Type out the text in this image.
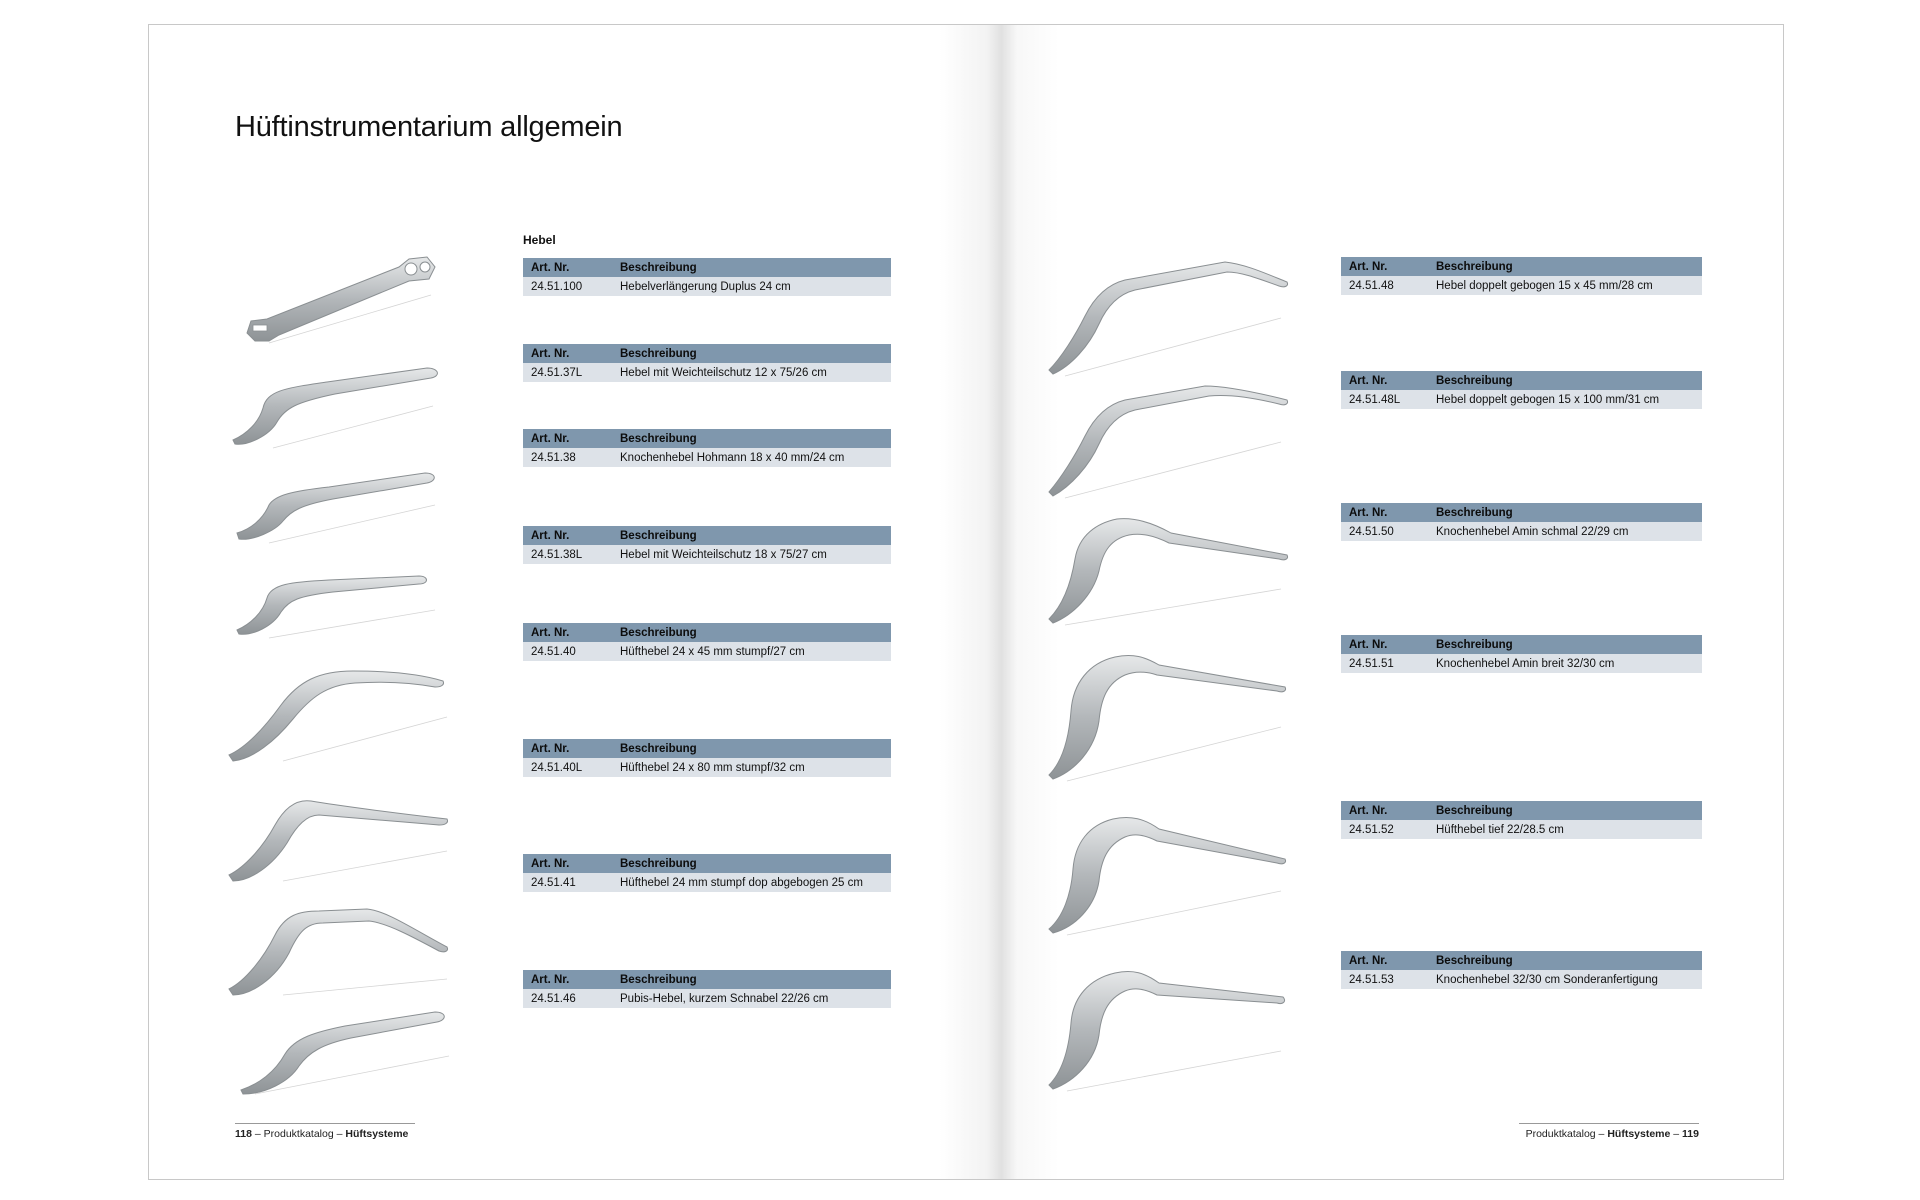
Hüftinstrumentarium allgemein
Hebel
Art. Nr.	Beschreibung
24.51.100	Hebelverlängerung Duplus 24 cm
Art. Nr.	Beschreibung
24.51.37L	Hebel mit Weichteilschutz 12 x 75/26 cm
Art. Nr.	Beschreibung
24.51.38	Knochenhebel Hohmann 18 x 40 mm/24 cm
Art. Nr.	Beschreibung
24.51.38L	Hebel mit Weichteilschutz 18 x 75/27 cm
Art. Nr.	Beschreibung
24.51.40	Hüfthebel 24 x 45 mm stumpf/27 cm
Art. Nr.	Beschreibung
24.51.40L	Hüfthebel 24 x 80 mm stumpf/32 cm
Art. Nr.	Beschreibung
24.51.41	Hüfthebel 24 mm stumpf dop abgebogen 25 cm
Art. Nr.	Beschreibung
24.51.46	Pubis-Hebel, kurzem Schnabel 22/26 cm
Art. Nr.	Beschreibung
24.51.48	Hebel doppelt gebogen 15 x 45 mm/28 cm
Art. Nr.	Beschreibung
24.51.48L	Hebel doppelt gebogen 15 x 100 mm/31 cm
Art. Nr.	Beschreibung
24.51.50	Knochenhebel Amin schmal 22/29 cm
Art. Nr.	Beschreibung
24.51.51	Knochenhebel Amin breit 32/30 cm
Art. Nr.	Beschreibung
24.51.52	Hüfthebel tief 22/28.5 cm
Art. Nr.	Beschreibung
24.51.53	Knochenhebel 32/30 cm Sonderanfertigung
118 – Produktkatalog – Hüftsysteme	Produktkatalog – Hüftsysteme – 119
